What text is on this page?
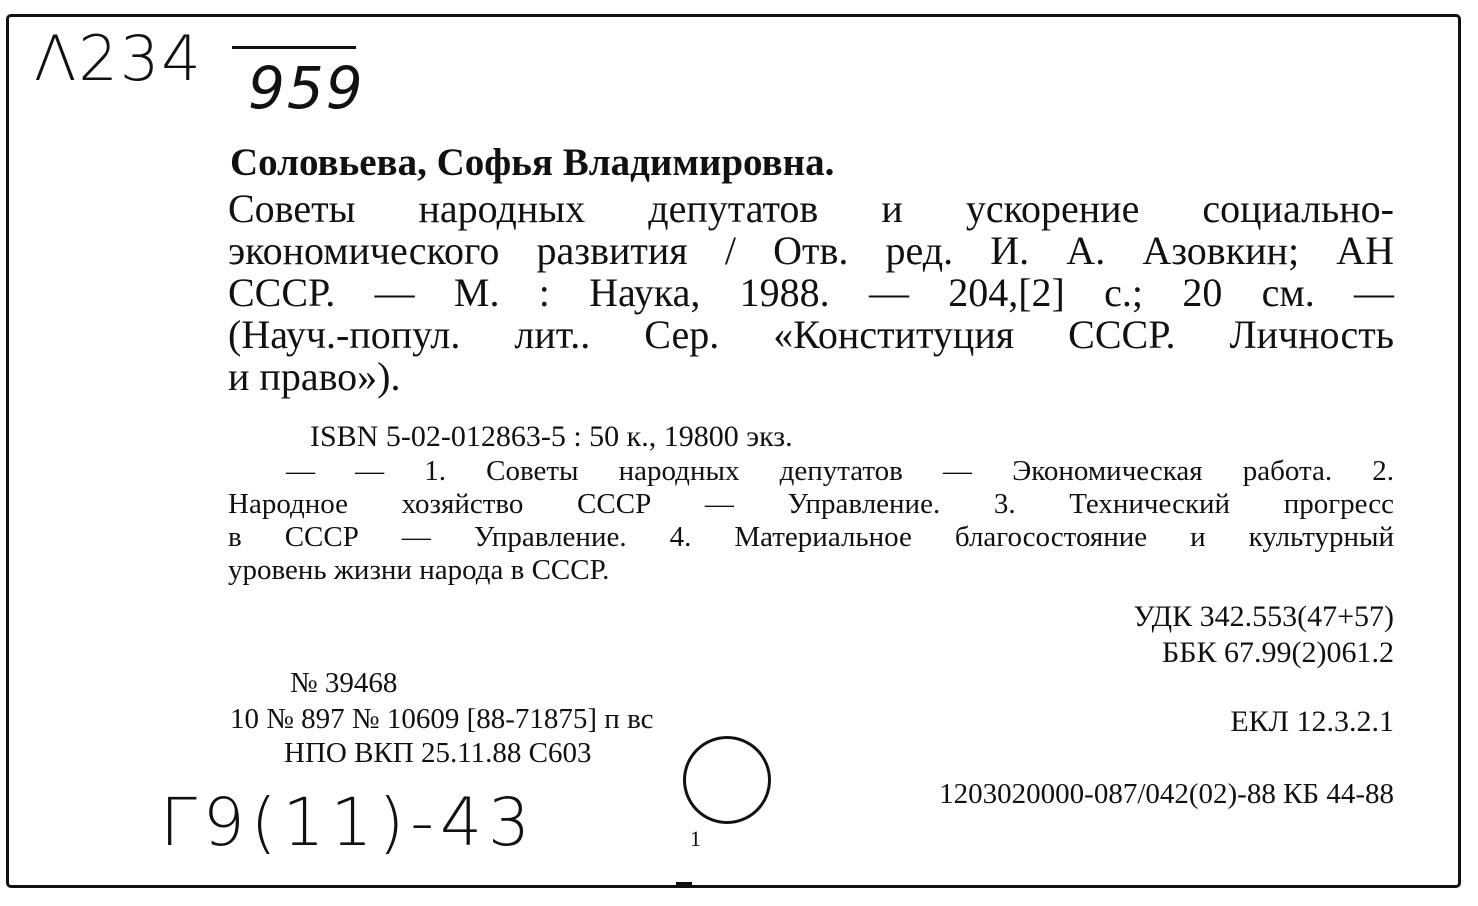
Λ234 959
Соловьева, Софья Владимировна.
Советы народных депутатов и ускорение социально-
экономического развития / Отв. ред. И. А. Азовкин; АН
СССР. — М. : Наука, 1988. — 204,[2] с.; 20 см. —
(Науч.-попул. лит.. Сер. «Конституция СССР. Личность
и право»).
ISBN 5-02-012863-5 : 50 к., 19800 экз.
— — 1. Советы народных депутатов — Экономическая работа. 2.
Народное хозяйство СССР — Управление. 3. Технический прогресс
в СССР — Управление. 4. Материальное благосостояние и культурный
уровень жизни народа в СССР.
УДК 342.553(47+57)
ББК 67.99(2)061.2
№ 39468
10 № 897 № 10609 [88-71875] п вс	ЕКЛ 12.3.2.1
НПО ВКП 25.11.88 С603
1
1203020000-087/042(02)-88 КБ 44-88
Г9(11)-43
